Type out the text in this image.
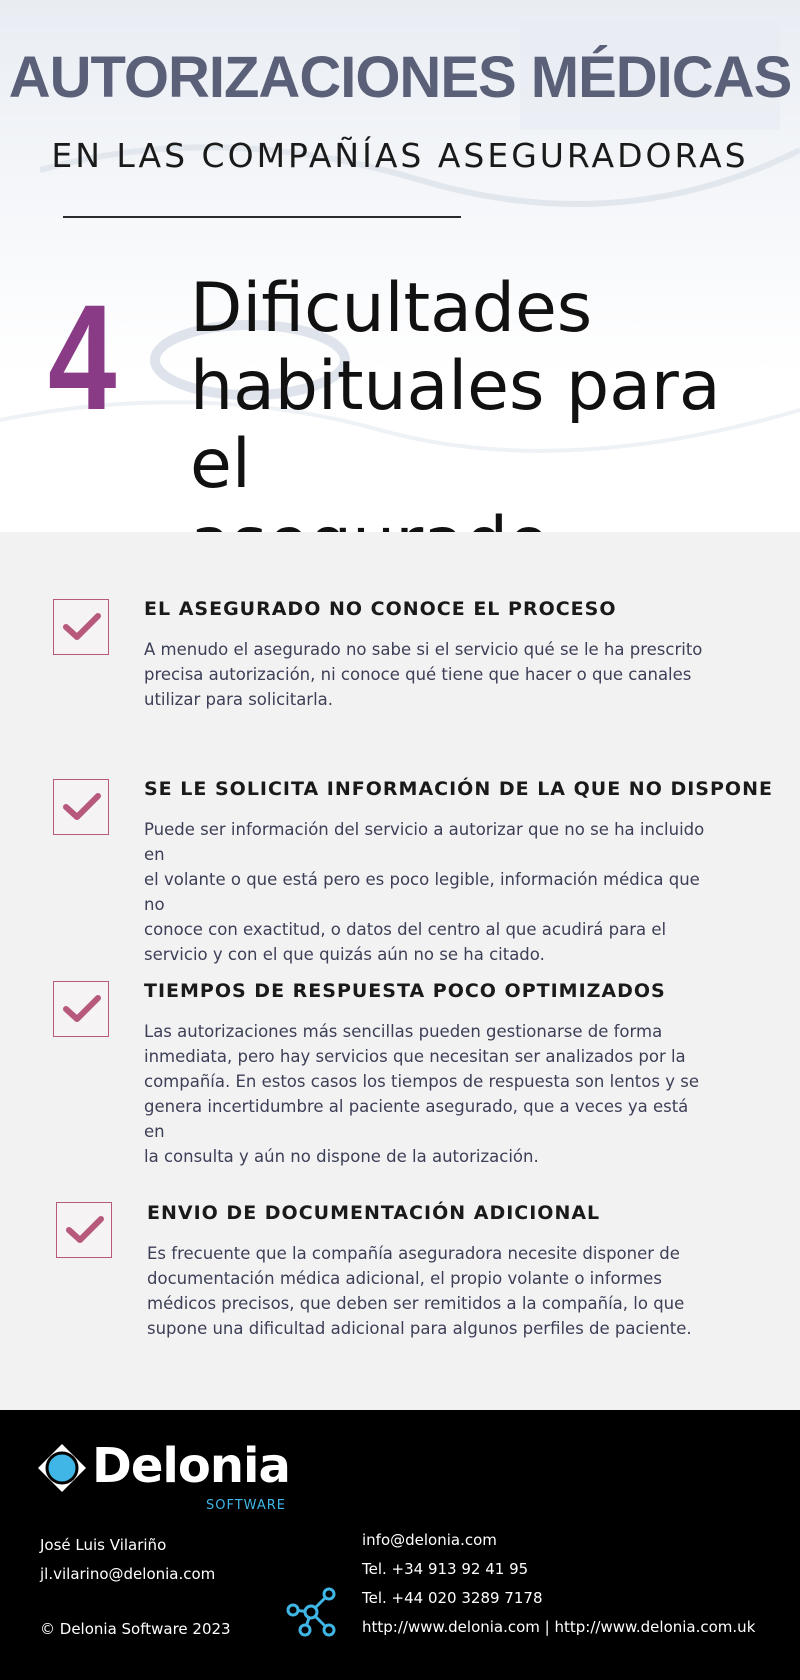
AUTORIZACIONES MÉDICAS
EN LAS COMPAÑÍAS ASEGURADORAS
4 Dificultades
habituales para el
EL ASEGURADO NO CONOCE EL PROCESO
A menudo el asegurado no sabe si el servicio qué se le ha prescrito
precisa autorización, ni conoce qué tiene que hacer o que canales
utilizar para solicitarla.
SE LE SOLICITA INFORMACIÓN DE LA QUE NO DISPONE
Puede ser información del servicio a autorizar que no se ha incluido en
el volante o que está pero es poco legible, información médica que no
conoce con exactitud, o datos del centro al que acudirá para el
servicio y con el que quizás aún no se ha citado.
TIEMPOS DE RESPUESTA POCO OPTIMIZADOS
Las autorizaciones más sencillas pueden gestionarse de forma
inmediata, pero hay servicios que necesitan ser analizados por la
compañía. En estos casos los tiempos de respuesta son lentos y se
genera incertidumbre al paciente asegurado, que a veces ya está en
la consulta y aún no dispone de la autorización.
ENVIO DE DOCUMENTACIÓN ADICIONAL
Es frecuente que la compañía aseguradora necesite disponer de
documentación médica adicional, el propio volante o informes
médicos precisos, que deben ser remitidos a la compañía, lo que
supone una dificultad adicional para algunos perfiles de paciente.
Delonia
SOFTWARE
José Luis Vilariño
jl.vilarino@delonia.com
© Delonia Software 2023
info@delonia.com
Tel. +34 913 92 41 95
Tel. +44 020 3289 7178
http://www.delonia.com | http://www.delonia.com.uk
